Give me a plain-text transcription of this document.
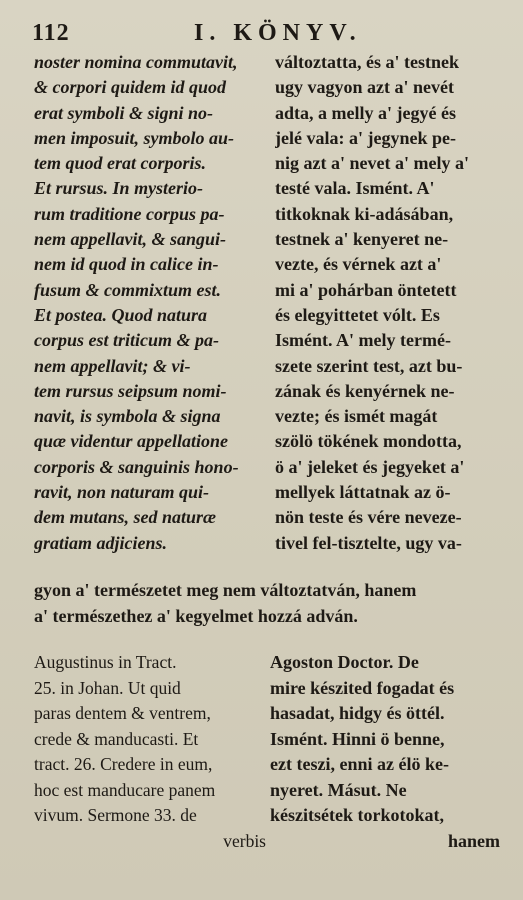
112	I. KÖNYV.
noster nomina commutavit,
& corpori quidem id quod
erat symboli & signi no-
men imposuit, symbolo au-
tem quod erat corporis.
Et rursus. In mysterio-
rum traditione corpus pa-
nem appellavit, & sangui-
nem id quod in calice in-
fusum & commixtum est.
Et postea. Quod natura
corpus est triticum & pa-
nem appellavit; & vi-
tem rursus seipsum nomi-
navit, is symbola & signa
quæ videntur appellatione
corporis & sanguinis hono-
ravit, non naturam qui-
dem mutans, sed naturæ
gratiam adjiciens.
változtatta, és a' testnek
ugy vagyon azt a' nevét
adta, a melly a' jegyé és
jelé vala: a' jegynek pe-
nig azt a' nevet a' mely a'
testé vala. Ismént. A'
titkoknak ki-adásában,
testnek a' kenyeret ne-
vezte, és vérnek azt a'
mi a' pohárban öntetett
és elegyittetet vólt. Es
Ismént. A' mely termé-
szete szerint test, azt bu-
zának és kenyérnek ne-
vezte; és ismét magát
szölö tökének mondotta,
ö a' jeleket és jegyeket a'
mellyek láttatnak az ö-
nön teste és vére neveze-
tivel fel-tisztelte, ugy va-
gyon a' természetet meg nem változtatván, hanem
a' természethez a' kegyelmet hozzá adván.
Augustinus in Tract.
25. in Johan. Ut quid
paras dentem & ventrem,
crede & manducasti. Et
tract. 26. Credere in eum,
hoc est manducare panem
vivum. Sermone 33. de
verbis
Agoston Doctor. De
mire készited fogadat és
hasadat, hidgy és öttél.
Ismént. Hinni ö benne,
ezt teszi, enni az élö ke-
nyeret. Másut. Ne
készitsétek torkotokat,
hanem
